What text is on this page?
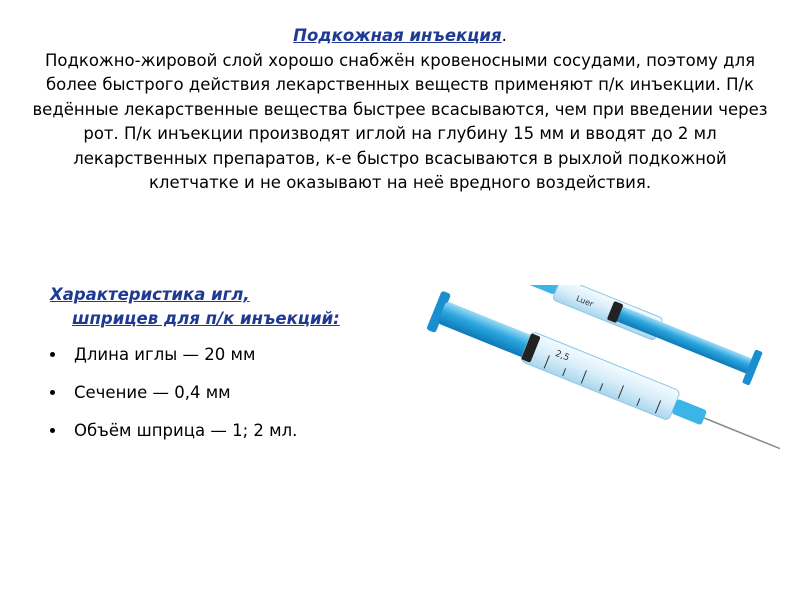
Подкожная инъекция.
Подкожно-жировой слой хорошо снабжён кровеносными сосудами, поэтому для более быстрого действия лекарственных веществ применяют п/к инъекции. П/к ведённые лекарственные вещества быстрее всасываются, чем при введении через рот. П/к инъекции производят иглой на глубину 15 мм и вводят до 2 мл лекарственных препаратов, к-е быстро всасываются в рыхлой подкожной клетчатке и не оказывают на неё вредного воздействия.
Характеристика игл,
шприцев для п/к инъекций:
Длина иглы — 20 мм
Сечение — 0,4 мм
Объём шприца — 1; 2 мл.
Luer
2,5
